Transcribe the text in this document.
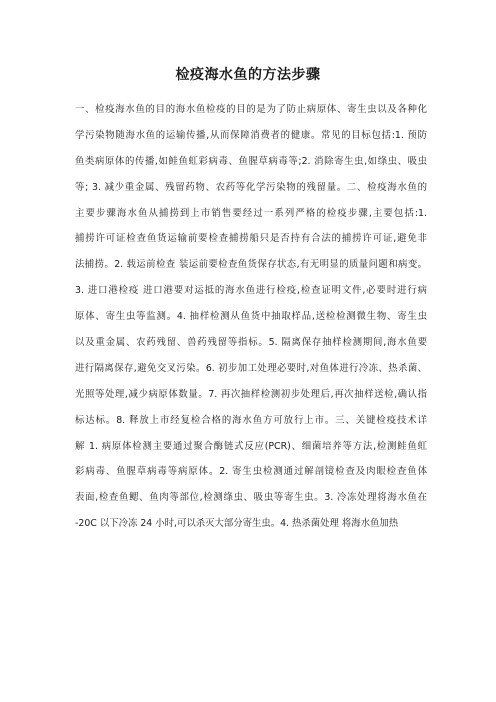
检疫海水鱼的方法步骤
一、检疫海水鱼的目的海水鱼检疫的目的是为了防止病原体、寄生虫以及各种化
学污染物随海水鱼的运输传播,从而保障消费者的健康。常见的目标包括:1. 预防
鱼类病原体的传播,如鲑鱼虹彩病毒、鱼腥草病毒等;2. 消除寄生虫,如绦虫、吸虫
等; 3. 减少重金属、残留药物、农药等化学污染物的残留量。二、检疫海水鱼的
主要步骤海水鱼从捕捞到上市销售要经过一系列严格的检疫步骤,主要包括:1.
捕捞许可证检查鱼货运输前要检查捕捞船只是否持有合法的捕捞许可证,避免非
法捕捞。2. 载运前检查 装运前要检查鱼货保存状态,有无明显的质量问题和病变。
3. 进口港检疫 进口港要对运抵的海水鱼进行检疫,检查证明文件,必要时进行病
原体、寄生虫等监测。4. 抽样检测从鱼货中抽取样品,送检检测微生物、寄生虫
以及重金属、农药残留、兽药残留等指标。5. 隔离保存抽样检测期间,海水鱼要
进行隔离保存,避免交叉污染。6. 初步加工处理必要时,对鱼体进行冷冻、热杀菌、
光照等处理,减少病原体数量。7. 再次抽样检测初步处理后,再次抽样送检,确认指
标达标。8. 释放上市经复检合格的海水鱼方可放行上市。三、关键检疫技术详
解 1. 病原体检测主要通过聚合酶链式反应(PCR)、细菌培养等方法,检测鲑鱼虹
彩病毒、鱼腥草病毒等病原体。2. 寄生虫检测通过解剖镜检查及肉眼检查鱼体
表面,检查鱼鳃、鱼肉等部位,检测绦虫、吸虫等寄生虫。3. 冷冻处理将海水鱼在
-20C 以下冷冻 24 小时,可以杀灭大部分寄生虫。4. 热杀菌处理 将海水鱼加热
